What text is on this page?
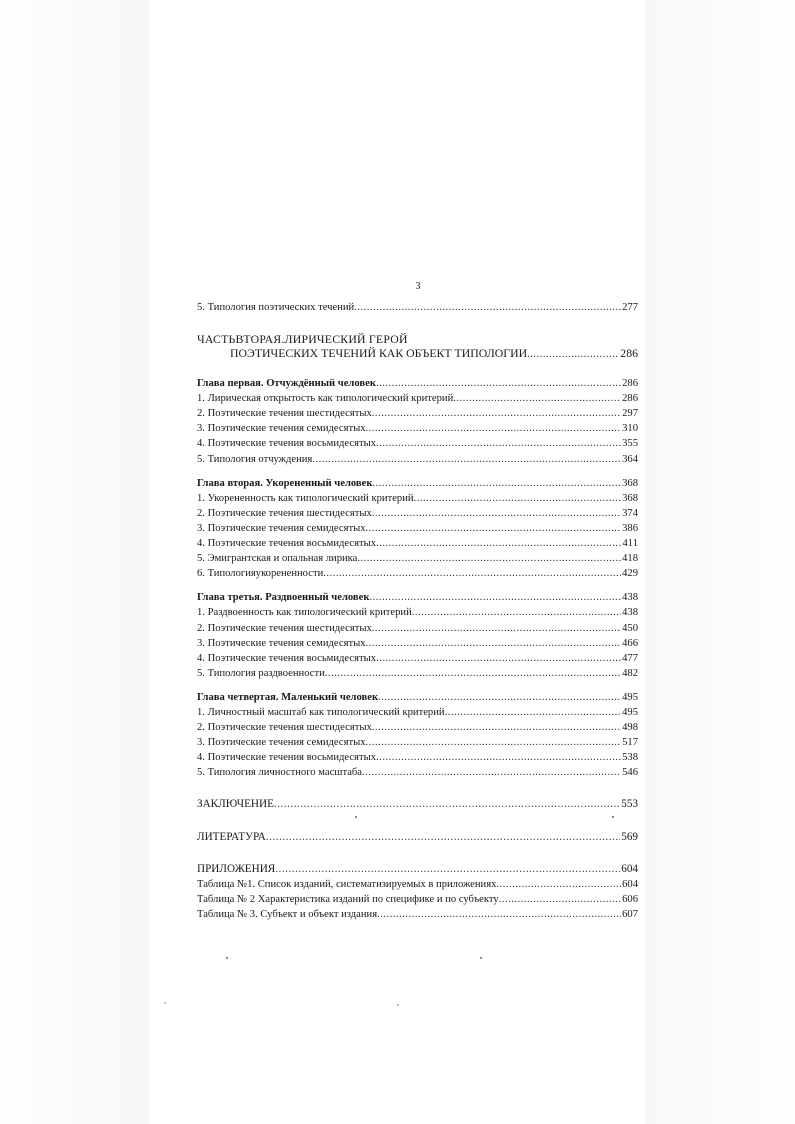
3
5. Типология поэтических течений .....	277
ЧАСТЬВТОРАЯ.ЛИРИЧЕСКИЙ ГЕРОЙ
ПОЭТИЧЕСКИХ ТЕЧЕНИЙ КАК ОБЪЕКТ ТИПОЛОГИИ .....	286
Глава первая. Отчуждённый человек .....	286
1. Лирическая открытость как типологический критерий .....	286
2. Поэтические течения шестидесятых .....	297
3. Поэтические течения семидесятых .....	310
4. Поэтические течения восьмидесятых .....	355
5. Типология отчуждения .....	364
Глава вторая. Укорененный человек .....	368
1. Укорененность как типологический критерий .....	368
2. Поэтические течения шестидесятых .....	374
3. Поэтические течения семидесятых .....	386
4. Поэтические течения восьмидесятых .....	411
5. Эмигрантская и опальная лирика .....	418
6. Типологияукорененности .....	429
Глава третья. Раздвоенный человек .....	438
1. Раздвоенность как типологический критерий .....	438
2. Поэтические течения шестидесятых .....	450
3. Поэтические течения семидесятых .....	466
4. Поэтические течения восьмидесятых .....	477
5. Типология раздвоенности .....	482
Глава четвертая. Маленький человек .....	495
1. Личностный масштаб как типологический критерий .....	495
2. Поэтические течения шестидесятых .....	498
3. Поэтические течения семидесятых .....	517
4. Поэтические течения восьмидесятых .....	538
5. Типология личностного масштаба .....	546
ЗАКЛЮЧЕНИЕ .....	553
ЛИТЕРАТУРА .....	569
ПРИЛОЖЕНИЯ .....	604
Таблица №1. Список изданий, систематизируемых в приложениях .....	604
Таблица № 2 Характеристика изданий по специфике и по субъекту .....	606
Таблица № 3. Субъект и объект издания .....	607
